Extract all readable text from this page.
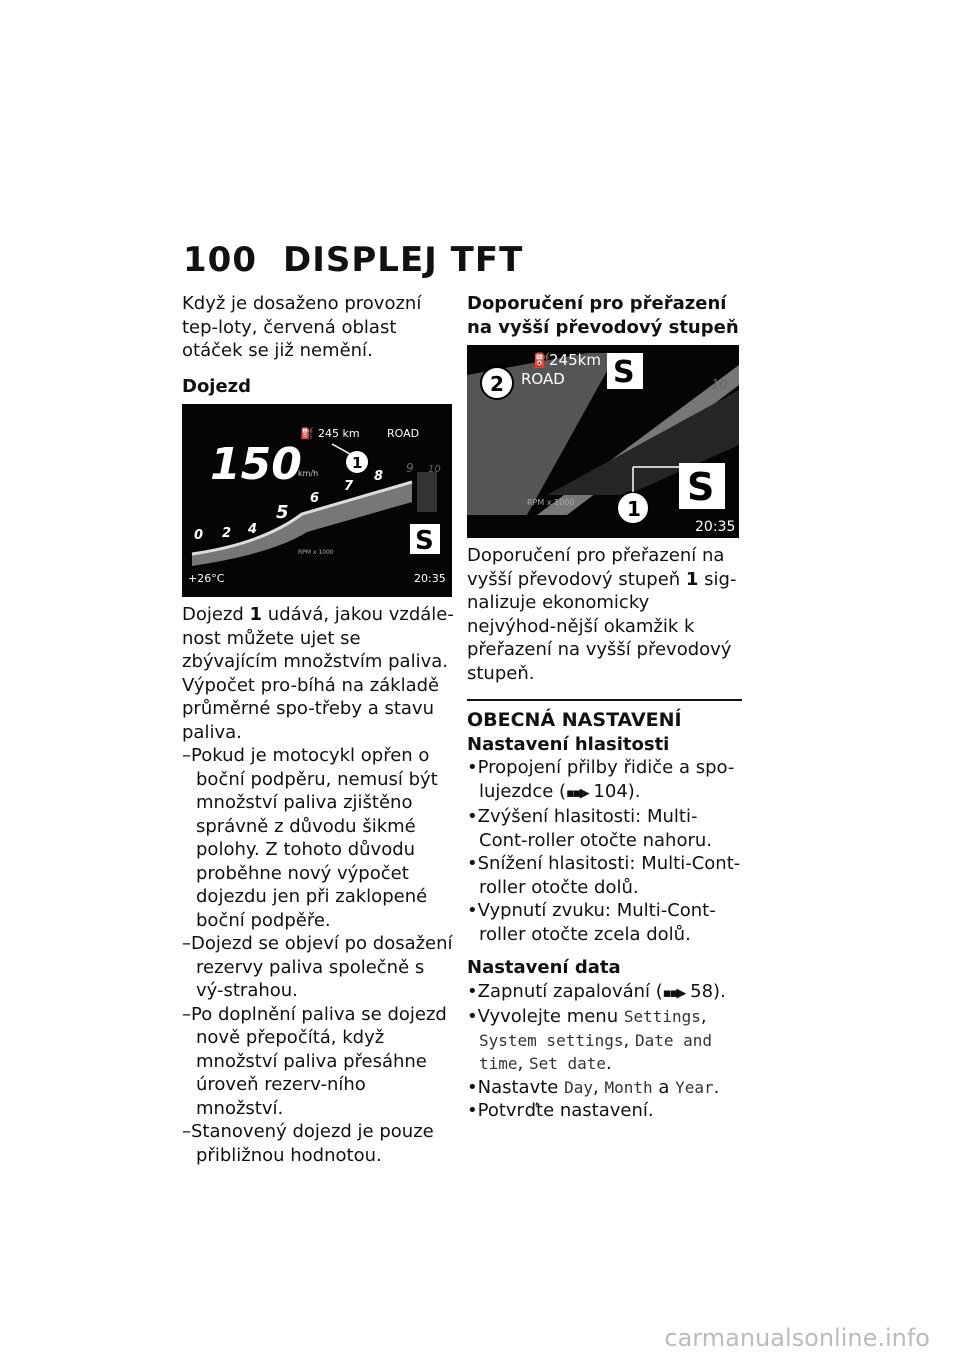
100 DISPLEJ TFT

Když je dosaženo provozní tep-loty, červená oblast otáček se již nemění.

Dojezd

150
km/h
245 km ROAD
⛽
1
0 2 4
5
6
7
8
9 10
S
RPM x 1000
+26°C	20:35

Dojezd 1 udává, jakou vzdále-nost můžete ujet se zbývajícím množstvím paliva. Výpočet pro-bíhá na základě průměrné spo-třeby a stavu paliva.

–Pokud je motocykl opřen o boční podpěru, nemusí být množství paliva zjištěno správně z důvodu šikmé polohy. Z tohoto důvodu proběhne nový výpočet dojezdu jen při zaklopené boční podpěře.

–Dojezd se objeví po dosažení rezervy paliva společně s vý-strahou.

–Po doplnění paliva se dojezd nově přepočítá, když množství paliva přesáhne úroveň rezerv-ního množství.

–Stanovený dojezd je pouze přibližnou hodnotou.

Doporučení pro přeřazení na vyšší převodový stupeň

2
⛽
245km
ROAD S	10
S
1
RPM x 1000
20:35

Doporučení pro přeřazení na vyšší převodový stupeň 1 sig-nalizuje ekonomicky nejvýhod-nější okamžik k přeřazení na vyšší převodový stupeň.

OBECNÁ NASTAVENÍ

Nastavení hlasitosti

•Propojení přilby řidiče a spo-lujezdce (▪▪▶ 104).

•Zvýšení hlasitosti: Multi-Cont-roller otočte nahoru.

•Snížení hlasitosti: Multi-Cont-roller otočte dolů.

•Vypnutí zvuku: Multi-Cont-roller otočte zcela dolů.

Nastavení data

•Zapnutí zapalování (▪▪▶ 58).

•Vyvolejte menu Settings, System settings, Date and time, Set date.

•Nastavte Day, Month a Year.

•Potvrďte nastavení.

carmanualsonline.info
